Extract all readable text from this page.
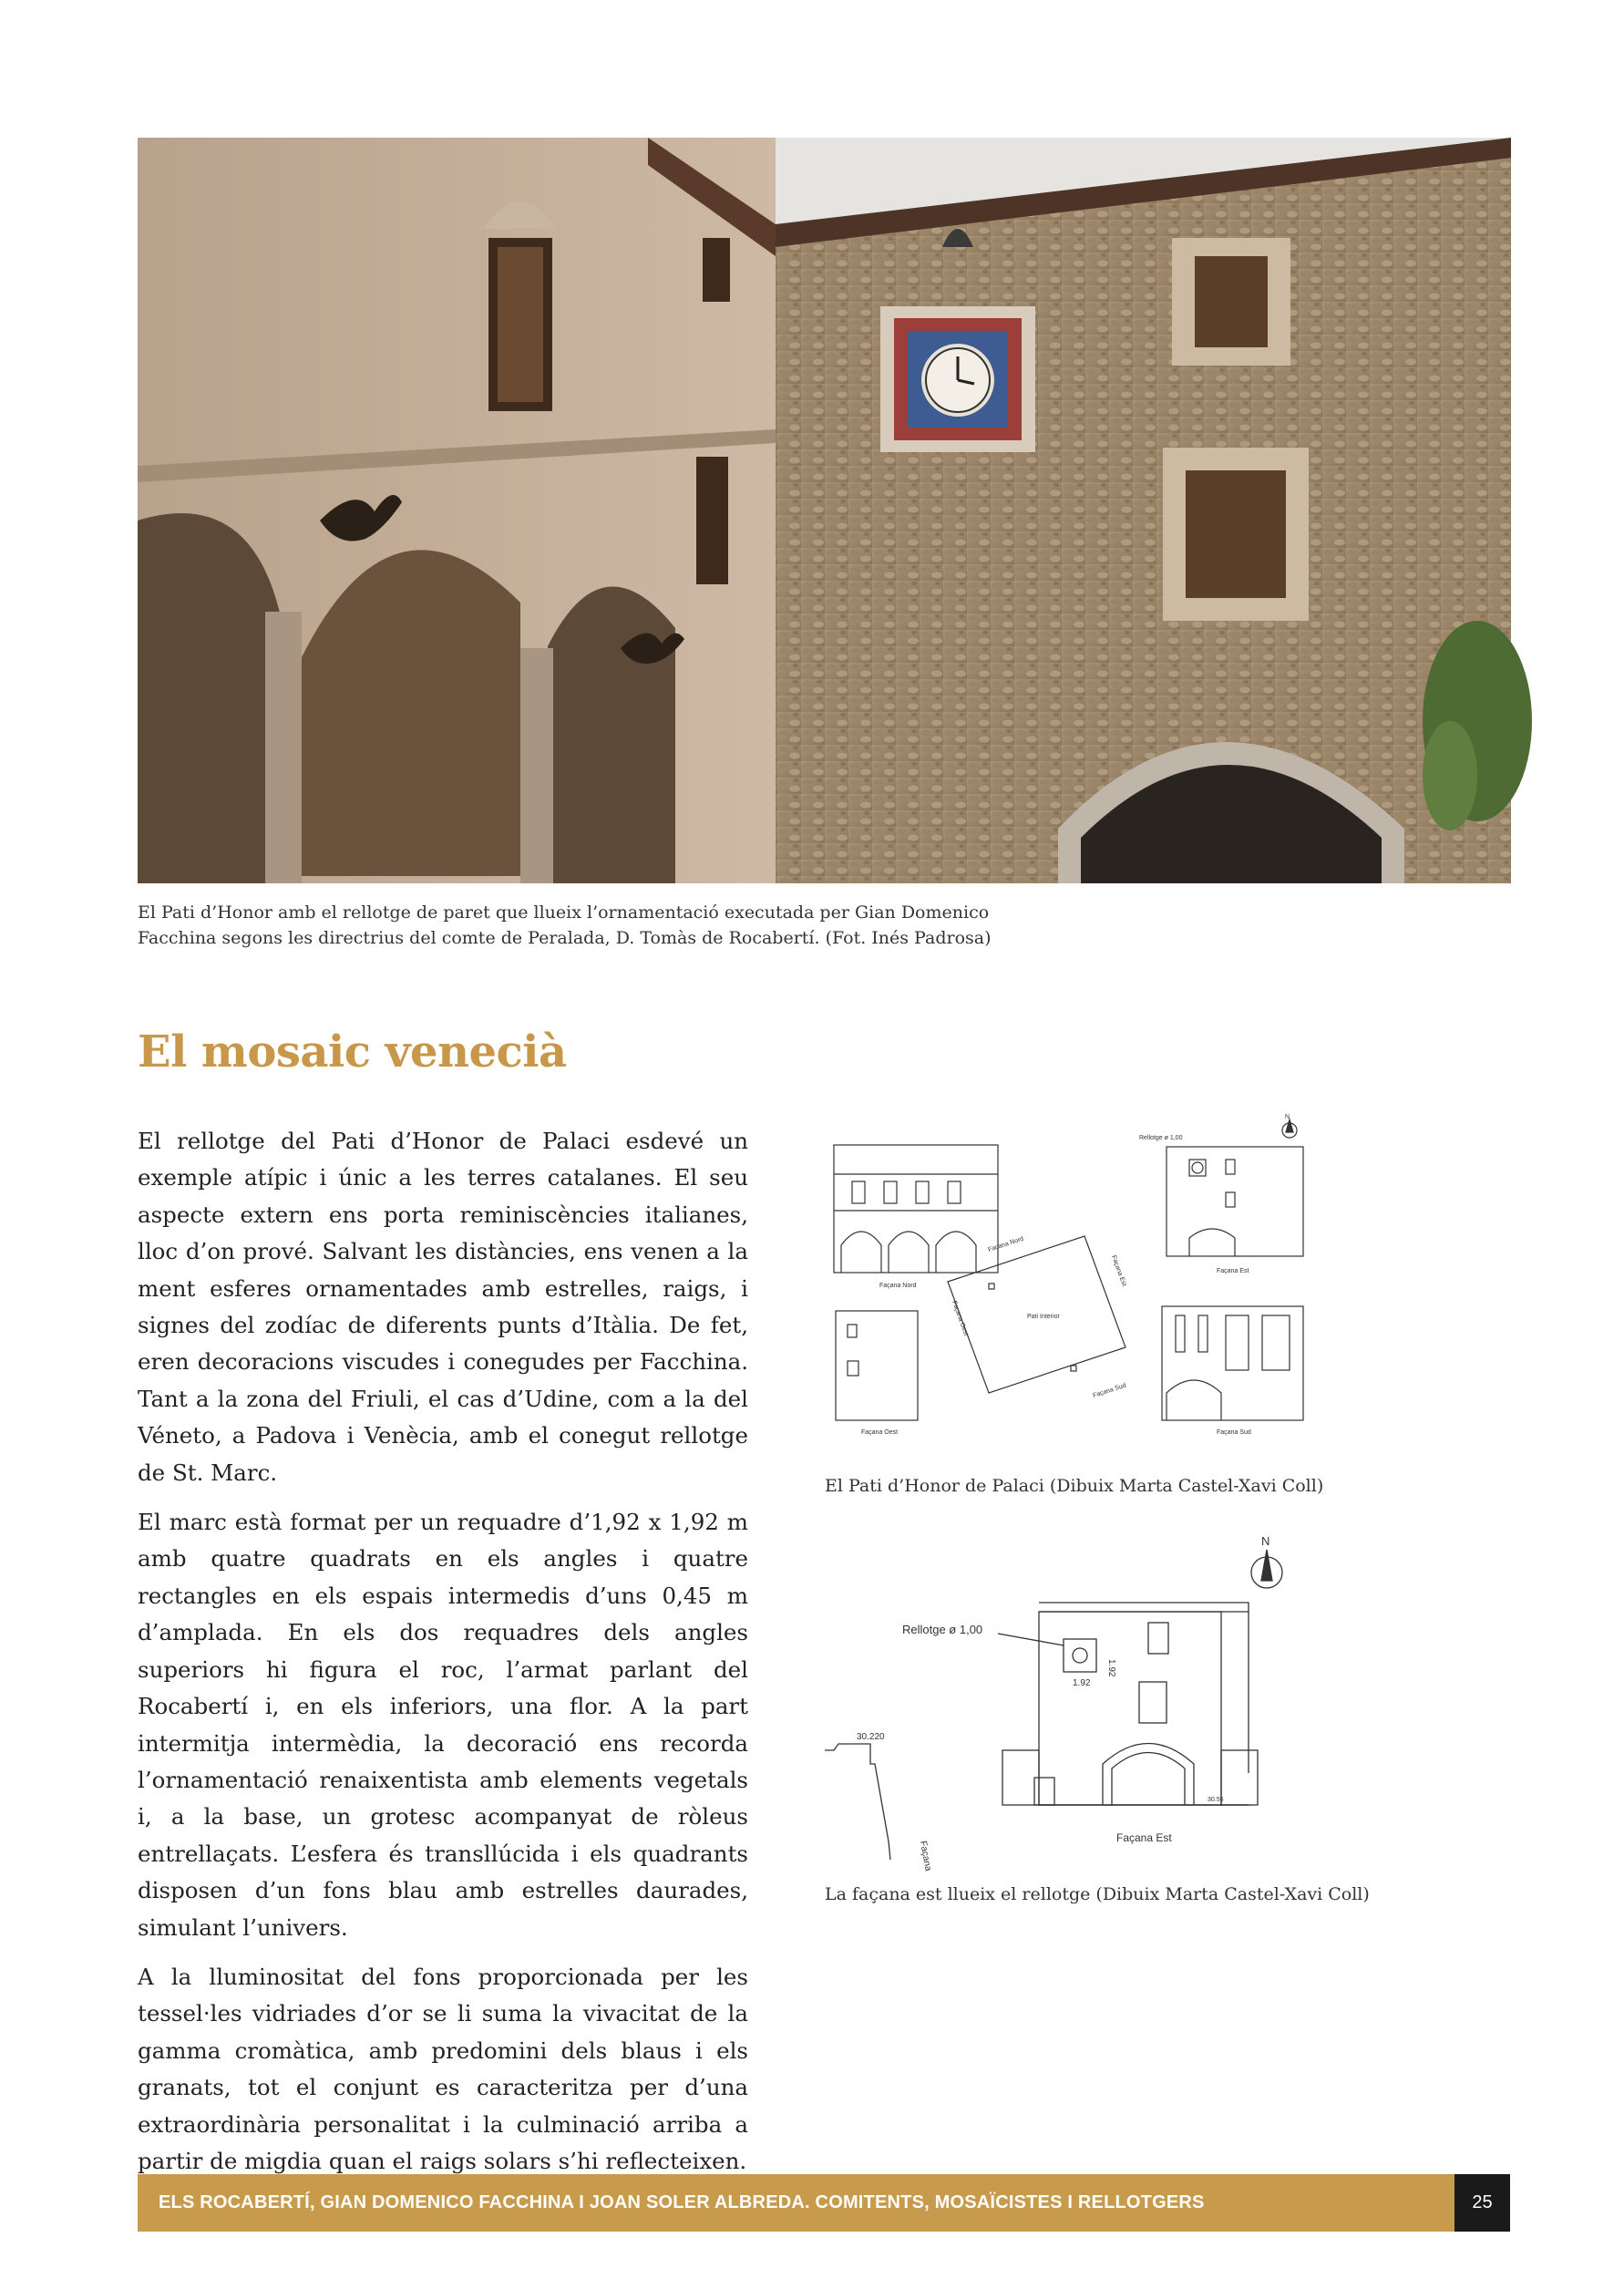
El Pati d’Honor amb el rellotge de paret que llueix l’ornamentació executada per Gian Domenico
Facchina segons les directrius del comte de Peralada, D. Tomàs de Rocabertí. (Fot. Inés Padrosa)
El mosaic venecià

El rellotge del Pati d’Honor de Palaci esdevé un exemple atípic i únic a les terres catalanes. El seu aspecte extern ens porta reminiscències italianes, lloc d’on prové. Salvant les distàncies, ens venen a la ment esferes ornamentades amb estrelles, raigs, i signes del zodíac de diferents punts d’Itàlia. De fet, eren decoracions viscudes i conegudes per Facchina. Tant a la zona del Friuli, el cas d’Udine, com a la del Véneto, a Padova i Venècia, amb el conegut rellotge de St. Marc.

El marc està format per un requadre d’1,92 x 1,92 m amb quatre quadrats en els angles i quatre rectangles en els espais intermedis d’uns 0,45 m d’amplada. En els dos requadres dels angles superiors hi figura el roc, l’armat parlant del Rocabertí i, en els inferiors, una flor. A la part intermitja intermèdia, la decoració ens recorda l’ornamentació renaixentista amb elements vegetals i, a la base, un grotesc acompanyat de ròleus entrellaçats. L’esfera és transllúcida i els quadrants disposen d’un fons blau amb estrelles daurades, simulant l’univers.

A la lluminositat del fons proporcionada per les tessel·les vidriades d’or se li suma la vivacitat de la gamma cromàtica, amb predomini dels blaus i els granats, tot el conjunt es caracteritza per d’una extraordinària personalitat i la culminació arriba a partir de migdia quan el raigs solars s’hi reflecteixen.

Façana Nord
Pati Interior
Façana Nord
Façana Sud
Façana Est
Façana Oest
Façana Oest
Rellotge ø 1,00
Façana Est
Façana Sud
N
El Pati d’Honor de Palaci (Dibuix Marta Castel-Xavi Coll)
N
1.92
1.92
Rellotge ø 1,00
30.56
30.220
Façana
Façana Est
La façana est llueix el rellotge (Dibuix Marta Castel-Xavi Coll)
ELS ROCABERTÍ, GIAN DOMENICO FACCHINA I JOAN SOLER ALBREDA. COMITENTS, MOSAÏCISTES I RELLOTGERS	25
